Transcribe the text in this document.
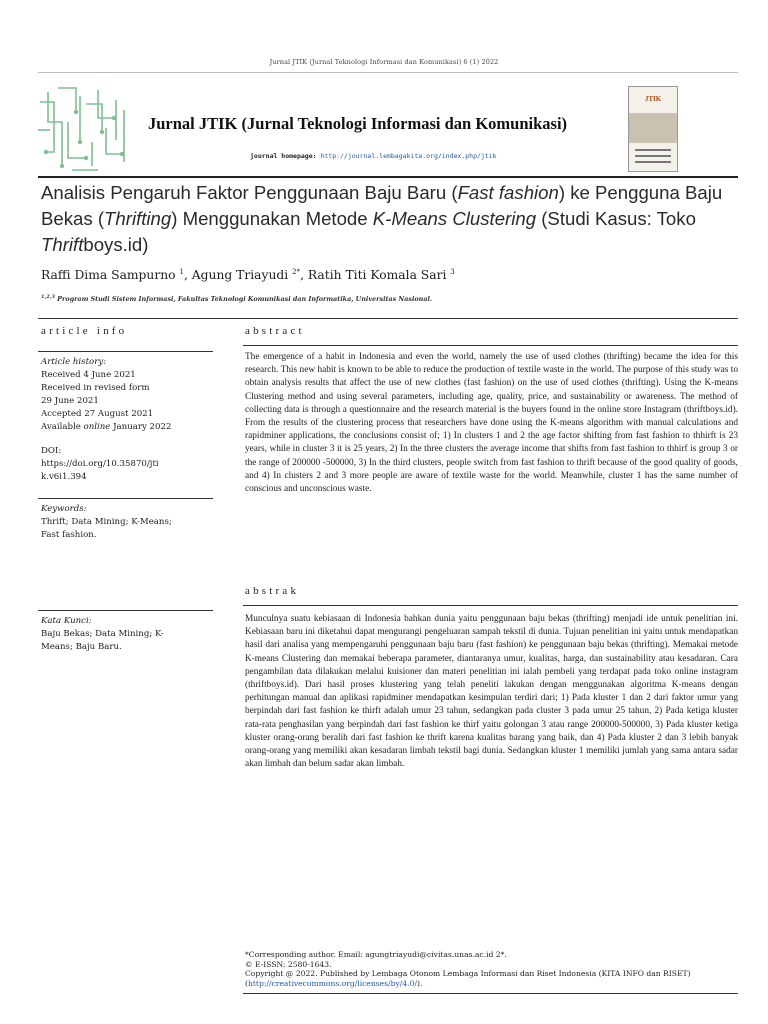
Jurnal JTIK (Jurnal Teknologi Informasi dan Komunikasi) 6 (1) 2022
Jurnal JTIK (Jurnal Teknologi Informasi dan Komunikasi)
journal homepage: http://journal.lembagakita.org/index.php/jtik
JTIK
Analisis Pengaruh Faktor Penggunaan Baju Baru (Fast fashion) ke Pengguna Baju Bekas (Thrifting) Menggunakan Metode K-Means Clustering (Studi Kasus: Toko Thriftboys.id)
Raffi Dima Sampurno $^1$, Agung Triayudi $^{2*}$, Ratih Titi Komala Sari $^3$
$^{1,2,3}$ Program Studi Sistem Informasi, Fakultas Teknologi Komunikasi dan Informatika, Universitas Nasional.
article info
Article history:
Received 4 June 2021
Received in revised form
29 June 2021
Accepted 27 August 2021
Available online January 2022
DOI:
https://doi.org/10.35870/jti
k.v6i1.394
Keywords:
Thrift; Data Mining; K-Means;
Fast fashion.
Kata Kunci:
Baju Bekas; Data Mining; K-
Means; Baju Baru.
abstract
The emergence of a habit in Indonesia and even the world, namely the use of used clothes (thrifting) became the idea for this research. This new habit is known to be able to reduce the production of textile waste in the world. The purpose of this study was to obtain analysis results that affect the use of new clothes (fast fashion) on the use of used clothes (thrifting). Using the K-means Clustering method and using several parameters, including age, quality, price, and sustainability or awareness. The method of collecting data is through a questionnaire and the research material is the buyers found in the online store Instagram (thriftboys.id). From the results of the clustering process that researchers have done using the K-means algorithm with manual calculations and rapidminer applications, the conclusions consist of; 1) In clusters 1 and 2 the age factor shifting from fast fashion to thhirft is 23 years, while in cluster 3 it is 25 years, 2) In the three clusters the average income that shifts from fast fashion to thhirf is group 3 or the range of 200000 -500000, 3) In the third clusters, people switch from fast fashion to thrift because of the good quality of goods, and 4) In clusters 2 and 3 more people are aware of textile waste for the world. Meanwhile, cluster 1 has the same number of conscious and unconscious waste.
abstrak
Munculnya suatu kebiasaan di Indonesia bahkan dunia yaitu penggunaan baju bekas (thrifting) menjadi ide untuk penelitian ini. Kebiasaan baru ini diketahui dapat mengurangi pengeluaran sampah tekstil di dunia. Tujuan penelitian ini yaitu untuk mendapatkan hasil dari analisa yang mempengaruhi penggunaan baju baru (fast fashion) ke penggunaan baju bekas (thrifting). Memakai metode K-means Clustering dan memakai beberapa parameter, diantaranya umur, kualitas, harga, dan sustainability atau kesadaran. Cara pengambilan data dilakukan melalui kuisioner dan materi penelitian ini ialah pembeli yang terdapat pada toko online instagram (thriftboys.id). Dari hasil proses klustering yang telah peneliti lakukan dengan menggunakan algoritma K-means dengan perhitungan manual dan aplikasi rapidminer mendapatkan kesimpulan terdiri dari; 1) Pada kluster 1 dan 2 dari faktor umur yang berpindah dari fast fashion ke thirft adalah umur 23 tahun, sedangkan pada cluster 3 pada umur 25 tahun, 2) Pada ketiga kluster rata-rata penghasilan yang berpindah dari fast fashion ke thirf yaitu golongan 3 atau range 200000-500000, 3) Pada kluster ketiga kluster orang-orang beralih dari fast fashion ke thrift karena kualitas barang yang baik, dan 4) Pada kluster 2 dan 3 lebih banyak orang-orang yang memiliki akan kesadaran limbah tekstil bagi dunia. Sedangkan kluster 1 memiliki jumlah yang sama antara sadar akan limbah dan belum sadar akan limbah.
*Corresponding author. Email: agungtriayudi@civitas.unas.ac.id 2*.
© E-ISSN: 2580-1643.
Copyright @ 2022. Published by Lembaga Otonom Lembaga Informasi dan Riset Indonesia (KITA INFO dan RISET)
(http://creativecommons.org/licenses/by/4.0/).
